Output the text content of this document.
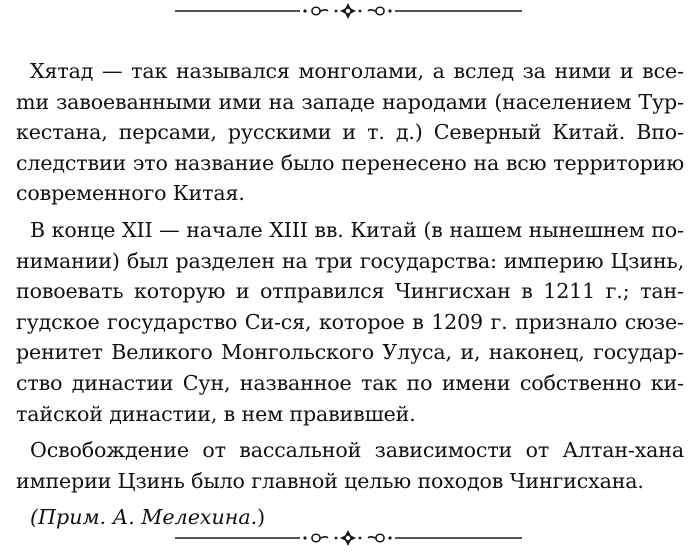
Хятад — так назывался монголами, а вслед за ними и всеmи завоеванными ими на западе народами (населением Туркестана, персами, русскими и т. д.) Северный Китай. Впоследствии это название было перенесено на всю территорию современного Китая.

В конце XII — начале XIII вв. Китай (в нашем нынешнем понимании) был разделен на три государства: империю Цзинь, повоевать которую и отправился Чингисхан в 1211 г.; тангудское государство Си-ся, которое в 1209 г. признало сюзеренитет Великого Монгольского Улуса, и, наконец, государство династии Сун, названное так по имени собственно китайской династии, в нем правившей.

Освобождение от вассальной зависимости от Алтан-хана империи Цзинь было главной целью походов Чингисхана.

(Прим. А. Мелехина.)
